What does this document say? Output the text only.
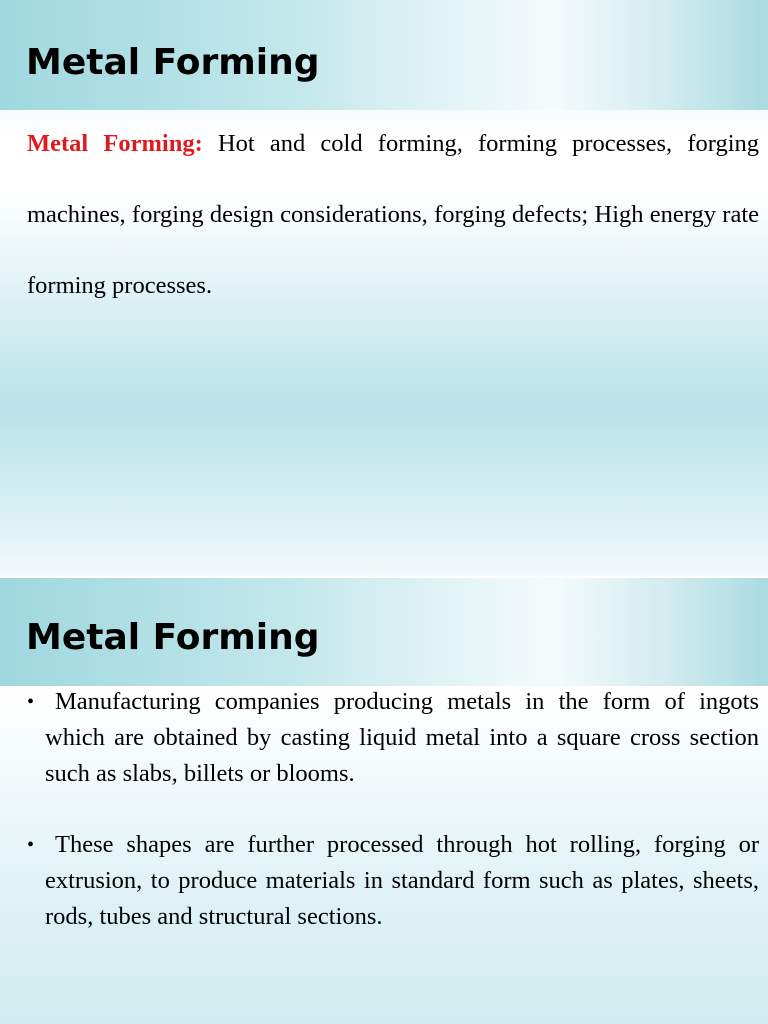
Metal Forming

Metal Forming: Hot and cold forming, forming processes, forging machines, forging design considerations, forging defects; High energy rate forming processes.

Metal Forming
• Manufacturing companies producing metals in the form of ingots which are obtained by casting liquid metal into a square cross section such as slabs, billets or blooms.
• These shapes are further processed through hot rolling, forging or extrusion, to produce materials in standard form such as plates, sheets, rods, tubes and structural sections.
